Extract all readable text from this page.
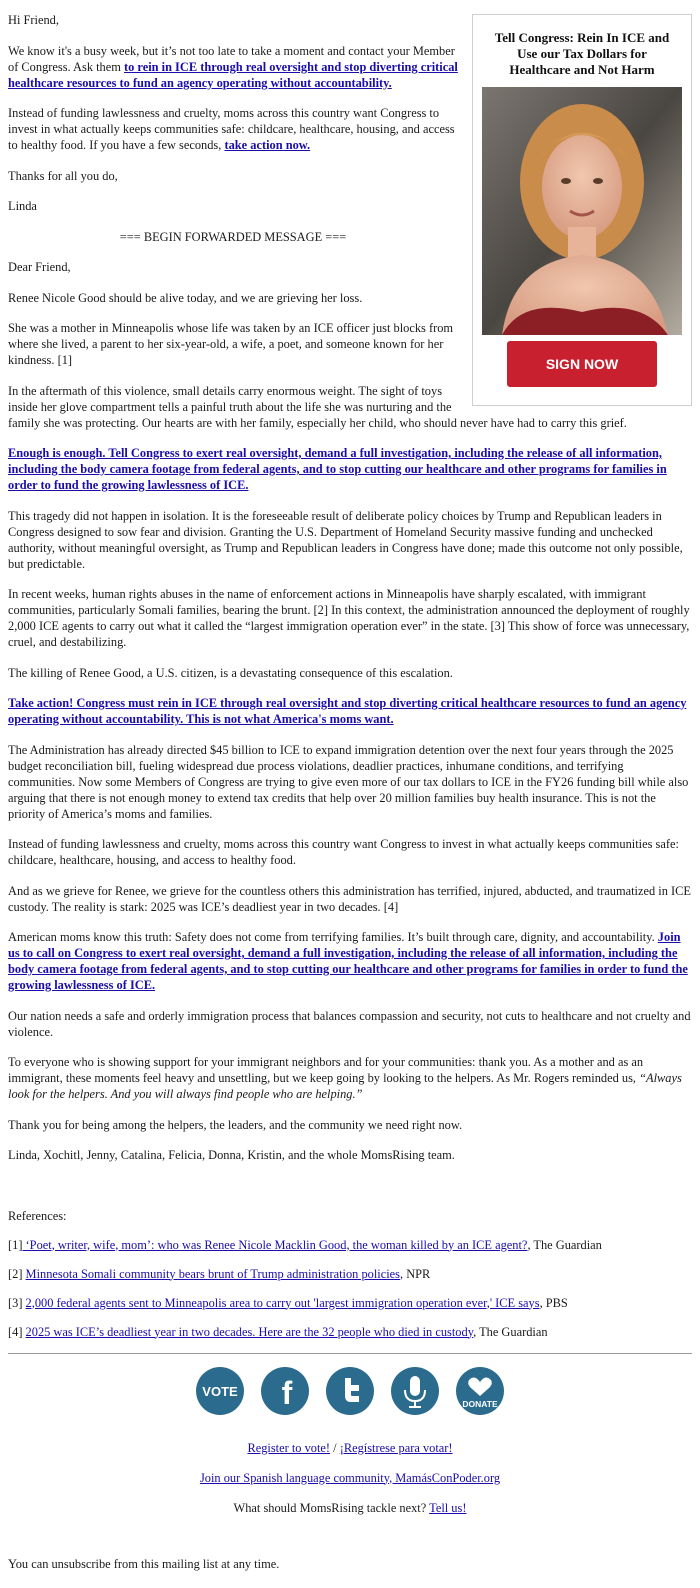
Tell Congress: Rein In ICE and Use our Tax Dollars for Healthcare and Not Harm
SIGN NOW

Hi Friend,

We know it's a busy week, but it’s not too late to take a moment and contact your Member of Congress. Ask them to rein in ICE through real oversight and stop diverting critical healthcare resources to fund an agency operating without accountability.

Instead of funding lawlessness and cruelty, moms across this country want Congress to invest in what actually keeps communities safe: childcare, healthcare, housing, and access to healthy food. If you have a few seconds, take action now.

Thanks for all you do,

Linda

=== BEGIN FORWARDED MESSAGE ===

Dear Friend,

Renee Nicole Good should be alive today, and we are grieving her loss.

She was a mother in Minneapolis whose life was taken by an ICE officer just blocks from where she lived, a parent to her six-year-old, a wife, a poet, and someone known for her kindness. [1]

In the aftermath of this violence, small details carry enormous weight. The sight of toys inside her glove compartment tells a painful truth about the life she was nurturing and the family she was protecting. Our hearts are with her family, especially her child, who should never have had to carry this grief.

Enough is enough. Tell Congress to exert real oversight, demand a full investigation, including the release of all information, including the body camera footage from federal agents, and to stop cutting our healthcare and other programs for families in order to fund the growing lawlessness of ICE.

This tragedy did not happen in isolation. It is the foreseeable result of deliberate policy choices by Trump and Republican leaders in Congress designed to sow fear and division. Granting the U.S. Department of Homeland Security massive funding and unchecked authority, without meaningful oversight, as Trump and Republican leaders in Congress have done; made this outcome not only possible, but predictable.

In recent weeks, human rights abuses in the name of enforcement actions in Minneapolis have sharply escalated, with immigrant communities, particularly Somali families, bearing the brunt. [2] In this context, the administration announced the deployment of roughly 2,000 ICE agents to carry out what it called the “largest immigration operation ever” in the state. [3] This show of force was unnecessary, cruel, and destabilizing.

The killing of Renee Good, a U.S. citizen, is a devastating consequence of this escalation.

Take action! Congress must rein in ICE through real oversight and stop diverting critical healthcare resources to fund an agency operating without accountability. This is not what America's moms want.

The Administration has already directed $45 billion to ICE to expand immigration detention over the next four years through the 2025 budget reconciliation bill, fueling widespread due process violations, deadlier practices, inhumane conditions, and terrifying communities. Now some Members of Congress are trying to give even more of our tax dollars to ICE in the FY26 funding bill while also arguing that there is not enough money to extend tax credits that help over 20 million families buy health insurance. This is not the priority of America’s moms and families.

Instead of funding lawlessness and cruelty, moms across this country want Congress to invest in what actually keeps communities safe: childcare, healthcare, housing, and access to healthy food.

And as we grieve for Renee, we grieve for the countless others this administration has terrified, injured, abducted, and traumatized in ICE custody. The reality is stark: 2025 was ICE’s deadliest year in two decades. [4]

American moms know this truth: Safety does not come from terrifying families. It’s built through care, dignity, and accountability. Join us to call on Congress to exert real oversight, demand a full investigation, including the release of all information, including the body camera footage from federal agents, and to stop cutting our healthcare and other programs for families in order to fund the growing lawlessness of ICE.

Our nation needs a safe and orderly immigration process that balances compassion and security, not cuts to healthcare and not cruelty and violence.

To everyone who is showing support for your immigrant neighbors and for your communities: thank you. As a mother and as an immigrant, these moments feel heavy and unsettling, but we keep going by looking to the helpers. As Mr. Rogers reminded us, “Always look for the helpers. And you will always find people who are helping.”

Thank you for being among the helpers, the leaders, and the community we need right now.

Linda, Xochitl, Jenny, Catalina, Felicia, Donna, Kristin, and the whole MomsRising team.

References:

[1] ‘Poet, writer, wife, mom’: who was Renee Nicole Macklin Good, the woman killed by an ICE agent?, The Guardian

[2] Minnesota Somali community bears brunt of Trump administration policies, NPR

[3] 2,000 federal agents sent to Minneapolis area to carry out 'largest immigration operation ever,' ICE says, PBS

[4] 2025 was ICE’s deadliest year in two decades. Here are the 32 people who died in custody, The Guardian

VOTE
f
	DONATE

Register to vote! / ¡Regístrese para votar!

Join our Spanish language community, MamásConPoder.org

What should MomsRising tackle next? Tell us!

You can unsubscribe from this mailing list at any time.
